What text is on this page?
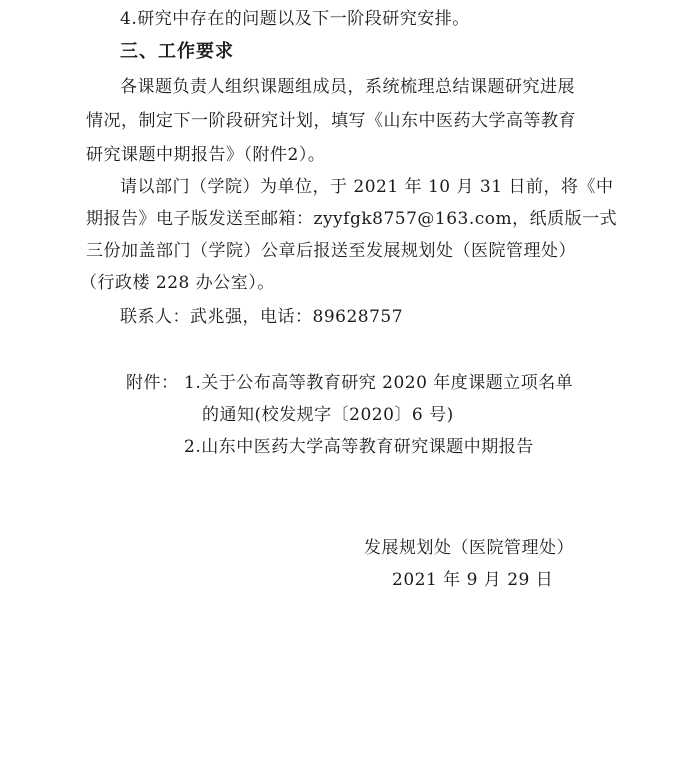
4.研究中存在的问题以及下一阶段研究安排。
三、工作要求
各课题负责人组织课题组成员，系统梳理总结课题研究进展
情况，制定下一阶段研究计划，填写《山东中医药大学高等教育
研究课题中期报告》（附件2）。
请以部门（学院）为单位，于 2021 年 10 月 31 日前，将《中
期报告》电子版发送至邮箱：zyyfgk8757@163.com，纸质版一式
三份加盖部门（学院）公章后报送至发展规划处（医院管理处）
（行政楼 228 办公室）。
联系人：武兆强，电话：89628757
附件： 1.关于公布高等教育研究 2020 年度课题立项名单
的通知(校发规字〔2020〕6 号)
2.山东中医药大学高等教育研究课题中期报告
发展规划处（医院管理处）
2021 年 9 月 29 日
